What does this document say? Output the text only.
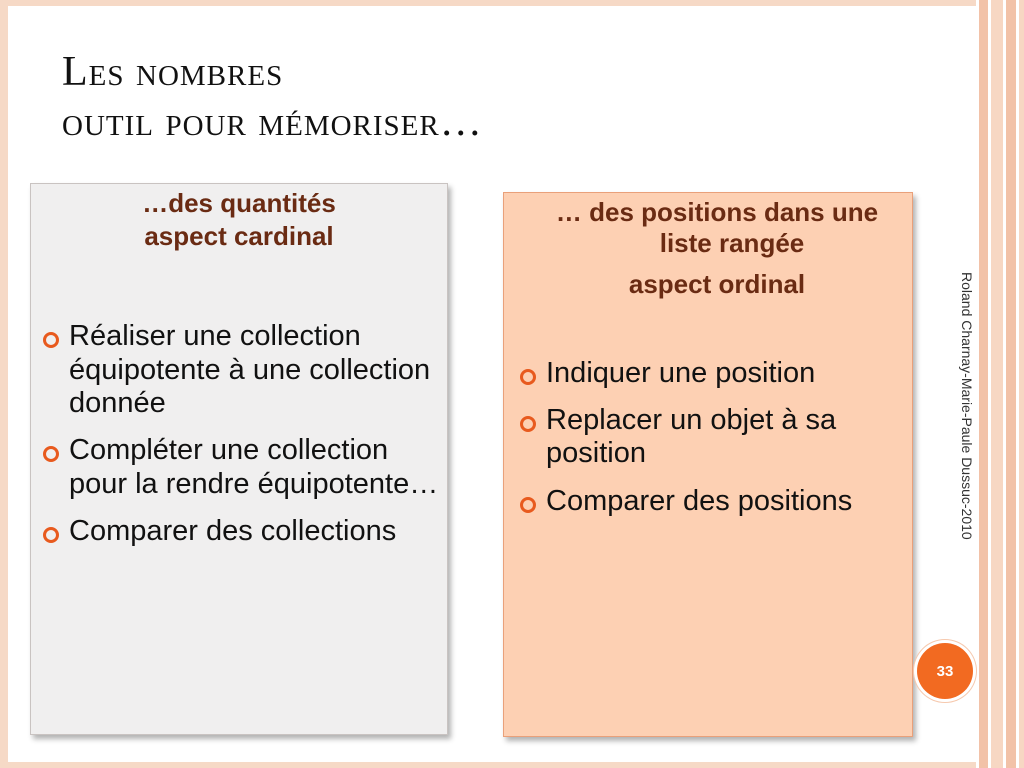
Les nombres
outil pour mémoriser…
…des quantités
aspect cardinal
Réaliser une collection équipotente à une collection donnée
Compléter une collection pour la rendre équipotente…
Comparer des collections
… des positions dans une liste rangée
aspect ordinal
Indiquer une position
Replacer un objet à sa position
Comparer des positions	Roland Charnay-Marie-Paule Dussuc-2010
33
